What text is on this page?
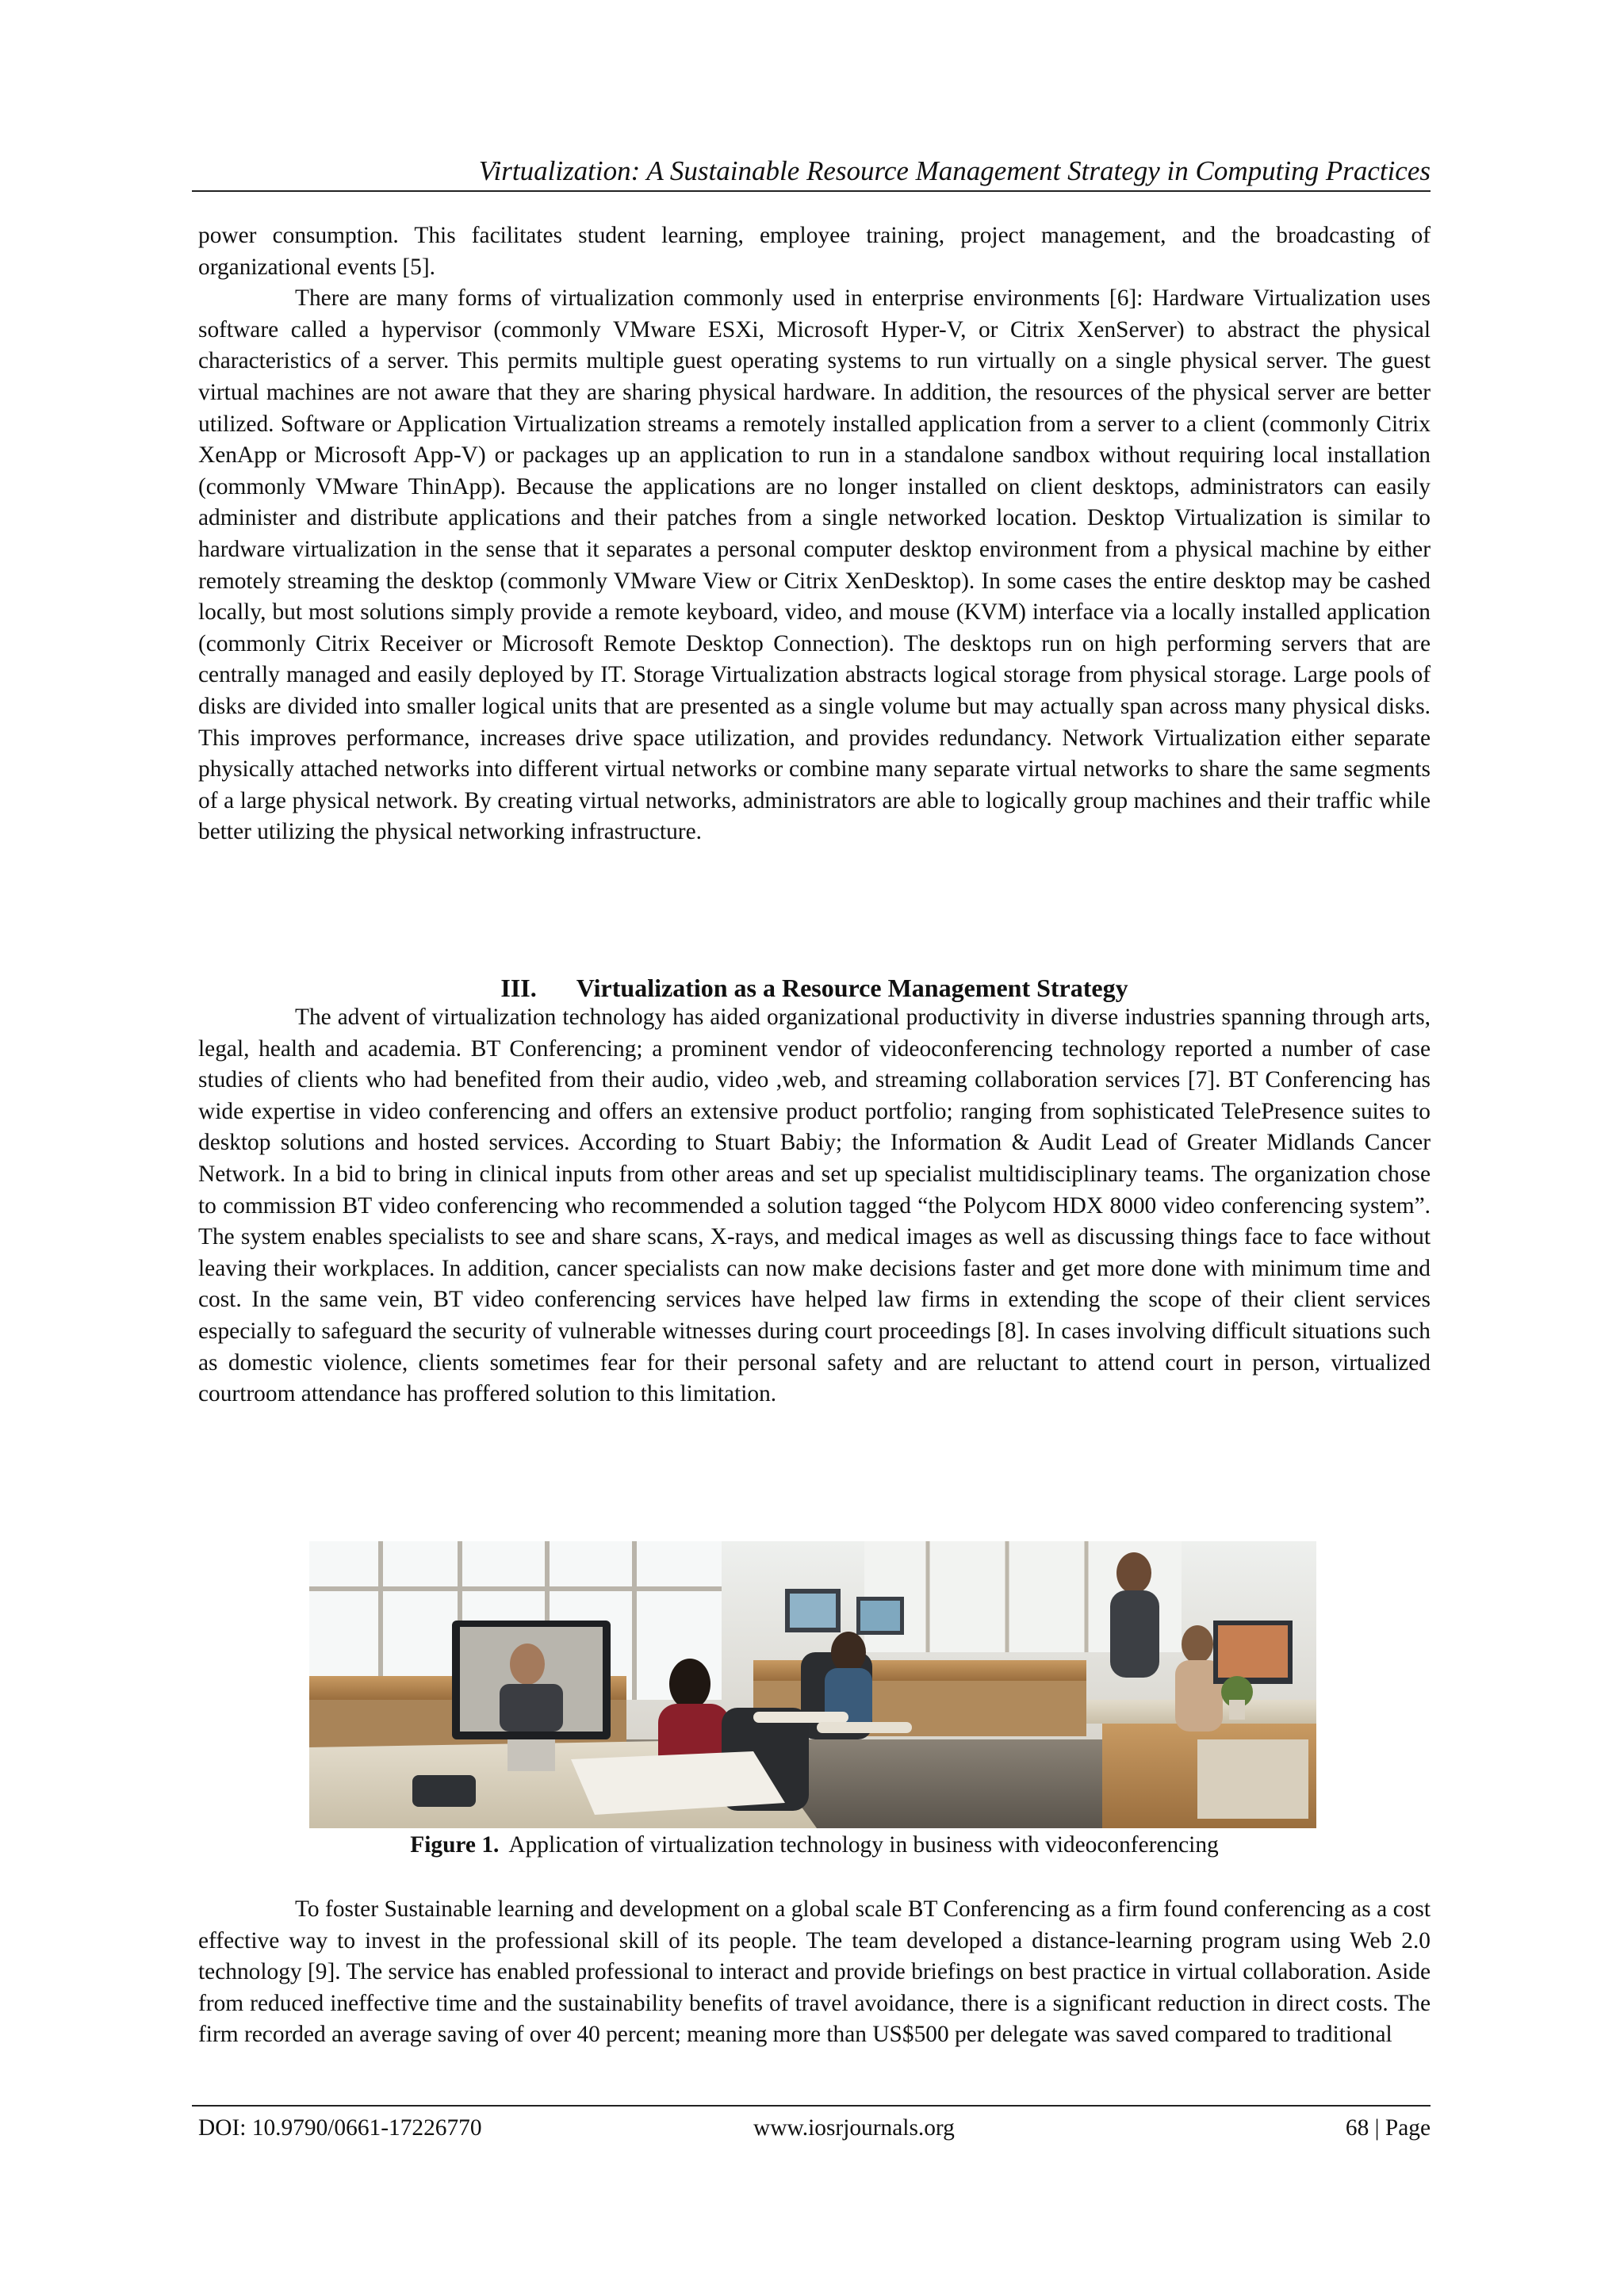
Virtualization: A Sustainable Resource Management Strategy in Computing Practices

power consumption. This facilitates student learning, employee training, project management, and the broadcasting of organizational events [5].

There are many forms of virtualization commonly used in enterprise environments [6]: Hardware Virtualization uses software called a hypervisor (commonly VMware ESXi, Microsoft Hyper-V, or Citrix XenServer) to abstract the physical characteristics of a server. This permits multiple guest operating systems to run virtually on a single physical server. The guest virtual machines are not aware that they are sharing physical hardware. In addition, the resources of the physical server are better utilized. Software or Application Virtualization streams a remotely installed application from a server to a client (commonly Citrix XenApp or Microsoft App-V) or packages up an application to run in a standalone sandbox without requiring local installation (commonly VMware ThinApp). Because the applications are no longer installed on client desktops, administrators can easily administer and distribute applications and their patches from a single networked location. Desktop Virtualization is similar to hardware virtualization in the sense that it separates a personal computer desktop environment from a physical machine by either remotely streaming the desktop (commonly VMware View or Citrix XenDesktop). In some cases the entire desktop may be cashed locally, but most solutions simply provide a remote keyboard, video, and mouse (KVM) interface via a locally installed application (commonly Citrix Receiver or Microsoft Remote Desktop Connection). The desktops run on high performing servers that are centrally managed and easily deployed by IT. Storage Virtualization abstracts logical storage from physical storage. Large pools of disks are divided into smaller logical units that are presented as a single volume but may actually span across many physical disks. This improves performance, increases drive space utilization, and provides redundancy. Network Virtualization either separate physically attached networks into different virtual networks or combine many separate virtual networks to share the same segments of a large physical network. By creating virtual networks, administrators are able to logically group machines and their traffic while better utilizing the physical networking infrastructure.

III. Virtualization as a Resource Management Strategy

The advent of virtualization technology has aided organizational productivity in diverse industries spanning through arts, legal, health and academia. BT Conferencing; a prominent vendor of videoconferencing technology reported a number of case studies of clients who had benefited from their audio, video ,web, and streaming collaboration services [7]. BT Conferencing has wide expertise in video conferencing and offers an extensive product portfolio; ranging from sophisticated TelePresence suites to desktop solutions and hosted services. According to Stuart Babiy; the Information & Audit Lead of Greater Midlands Cancer Network. In a bid to bring in clinical inputs from other areas and set up specialist multidisciplinary teams. The organization chose to commission BT video conferencing who recommended a solution tagged “the Polycom HDX 8000 video conferencing system”. The system enables specialists to see and share scans, X-rays, and medical images as well as discussing things face to face without leaving their workplaces. In addition, cancer specialists can now make decisions faster and get more done with minimum time and cost. In the same vein, BT video conferencing services have helped law firms in extending the scope of their client services especially to safeguard the security of vulnerable witnesses during court proceedings [8]. In cases involving difficult situations such as domestic violence, clients sometimes fear for their personal safety and are reluctant to attend court in person, virtualized courtroom attendance has proffered solution to this limitation.

Figure 1. Application of virtualization technology in business with videoconferencing

To foster Sustainable learning and development on a global scale BT Conferencing as a firm found conferencing as a cost effective way to invest in the professional skill of its people. The team developed a distance-learning program using Web 2.0 technology [9]. The service has enabled professional to interact and provide briefings on best practice in virtual collaboration. Aside from reduced ineffective time and the sustainability benefits of travel avoidance, there is a significant reduction in direct costs. The firm recorded an average saving of over 40 percent; meaning more than US$500 per delegate was saved compared to traditional

DOI: 10.9790/0661-17226770	www.iosrjournals.org	68 | Page
